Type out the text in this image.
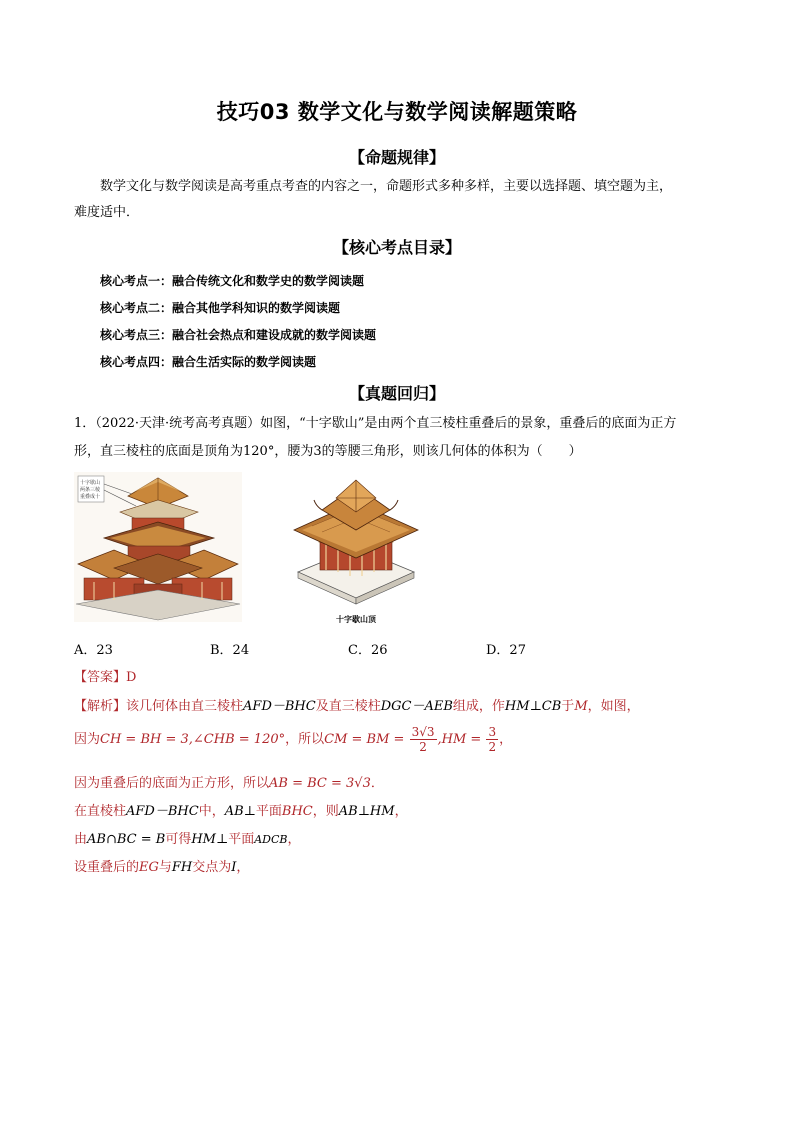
技巧03 数学文化与数学阅读解题策略
【命题规律】
数学文化与数学阅读是高考重点考查的内容之一，命题形式多种多样，主要以选择题、填空题为主，
难度适中．
【核心考点目录】
核心考点一：融合传统文化和数学史的数学阅读题
核心考点二：融合其他学科知识的数学阅读题
核心考点三：融合社会热点和建设成就的数学阅读题
核心考点四：融合生活实际的数学阅读题
【真题回归】
1．（2022·天津·统考高考真题）如图，“十字歇山”是由两个直三棱柱重叠后的景象，重叠后的底面为正方
形，直三棱柱的底面是顶角为120°，腰为3的等腰三角形，则该几何体的体积为（　　）
十字歇山
两条三棱
重叠成十
十字歇山顶
A．23	B．24	C．26	D．27
【答案】D
【解析】该几何体由直三棱柱AFD－BHC及直三棱柱DGC－AEB组成，作HM⊥CB于M，如图，
因为CH = BH = 3,∠CHB = 120°，所以CM = BM = $\frac{3√3}{2} ,HM = \frac{3}{2}$ ，
因为重叠后的底面为正方形，所以AB = BC = 3√3．
在直棱柱AFD－BHC中，AB⊥平面BHC，则AB⊥HM，
由AB∩BC = B可得HM⊥平面ADCB，
设重叠后的EG与FH交点为I，
